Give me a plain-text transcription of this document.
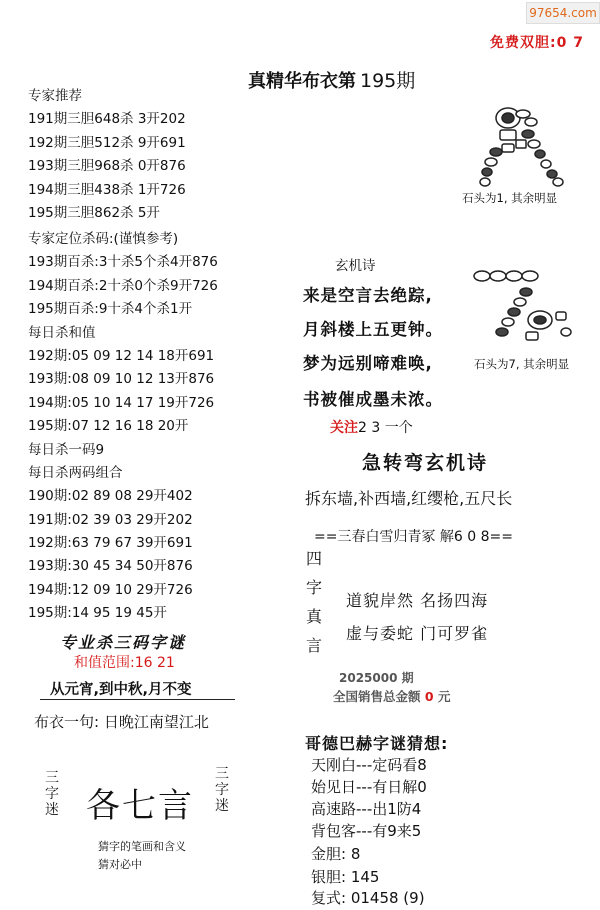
97654.com
免费双胆:0 7
真精华布衣第 195期
专家推荐
191期三胆648杀 3开202
192期三胆512杀 9开691
193期三胆968杀 0开876
194期三胆438杀 1开726
195期三胆862杀 5开
专家定位杀码:(谨慎参考)
193期百杀:3十杀5个杀4开876
194期百杀:2十杀0个杀9开726
195期百杀:9十杀4个杀1开
每日杀和值
192期:05 09 12 14 18开691
193期:08 09 10 12 13开876
194期:05 10 14 17 19开726
195期:07 12 16 18 20开
每日杀一码9
每日杀两码组合
190期:02 89 08 29开402
191期:02 39 03 29开202
192期:63 79 67 39开691
193期:30 45 34 50开876
194期:12 09 10 29开726
195期:14 95 19 45开
专业杀三码字谜
和值范围:16 21
从元宵,到中秋,月不变
布衣一句: 日晚江南望江北
三字迷 各七言
三字迷
猜字的笔画和含义
猜对必中
石头为1, 其余明显
石头为7, 其余明显
玄机诗
来是空言去绝踪,
月斜楼上五更钟。
梦为远别啼难唤,
书被催成墨未浓。
关注2 3 一个
急转弯玄机诗
拆东墙,补西墙,红缨枪,五尺长
==三春白雪归青冢 解6 0 8==
四字真言
道貌岸然 名扬四海
虚与委蛇 门可罗雀
2025000 期
全国销售总金额 0 元
哥德巴赫字谜猜想:
天刚白---定码看8
始见日---有日解0
高速路---出1防4
背包客---有9来5
金胆: 8
银胆: 145
复式: 01458 (9)
